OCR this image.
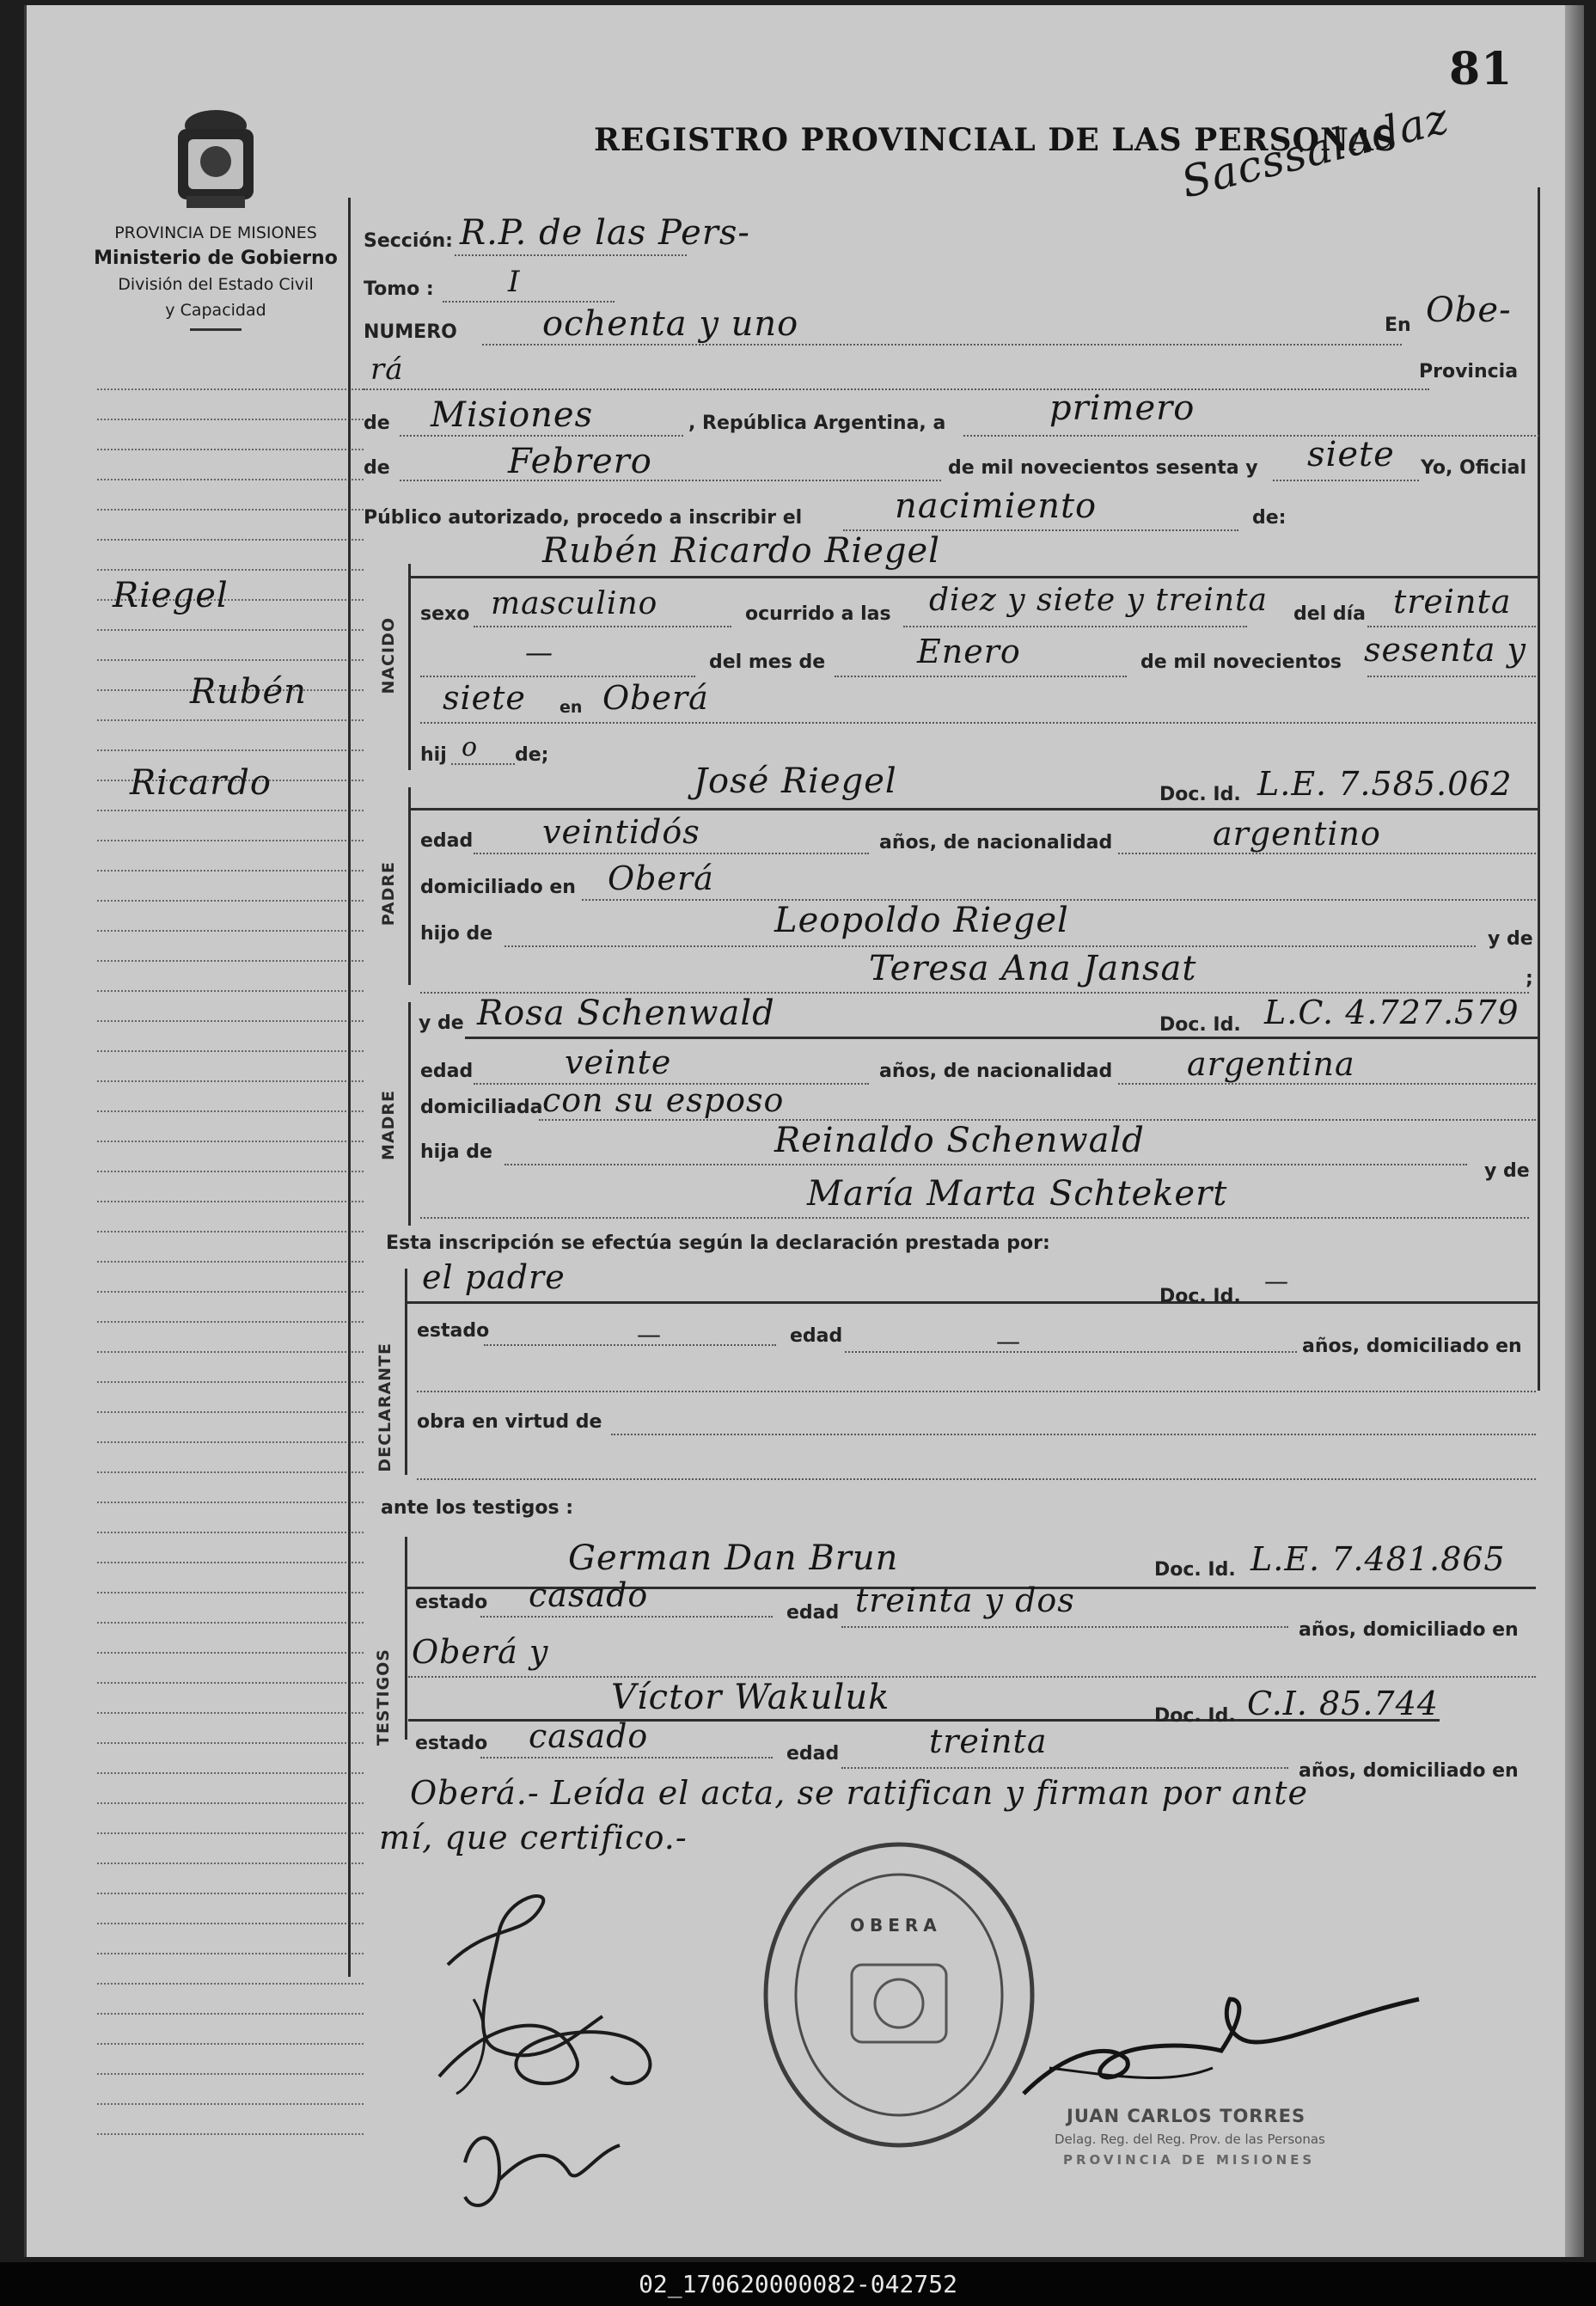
81
PROVINCIA DE MISIONES
Ministerio de Gobierno
División del Estado Civil
y Capacidad
REGISTRO PROVINCIAL DE LAS PERSONAS
Sacssaladaz
Riegel
Rubén
Ricardo
Sección: R.P. de las Pers-
Tomo :	I
NUMERO ochenta y uno	En Obe-
rá	Provincia
de Misiones	, República Argentina, a	primero
de	Febrero	de mil novecientos sesenta y siete Yo, Oficial
Público autorizado, procedo a inscribir el	nacimiento	de:
NACIDO
Rubén Ricardo Riegel
sexo masculino	ocurrido a las diez y siete y treinta del día treinta
—	del mes de	Enero	de mil novecientos sesenta y
siete en Oberá
hij o de;
PADRE
José Riegel	Doc. Id. L.E. 7.585.062
edad veintidós	años, de nacionalidad	argentino
domiciliado en Oberá
hijo de	Leopoldo Riegel	y de
Teresa Ana Jansat	;
MADRE
y de Rosa Schenwald	Doc. Id. L.C. 4.727.579
edad	veinte	años, de nacionalidad argentina
domiciliada con su esposo
hija de	Reinaldo Schenwald
y de
María Marta Schtekert
Esta inscripción se efectúa según la declaración prestada por:
DECLARANTE
el padre
Doc. Id.
—
estado	—	edad	—	años, domiciliado en
obra en virtud de
ante los testigos :
TESTIGOS
German Dan Brun	Doc. Id. L.E. 7.481.865
estado casado	edad treinta y dos
años, domiciliado en
Oberá y
Víctor Wakuluk	Doc. Id. C.I. 85.744
estado casado	edad	treinta
años, domiciliado en
Oberá.- Leída el acta, se ratifican y firman por ante
mí, que certifico.-
OBERA
JUAN CARLOS TORRES
Delag. Reg. del Reg. Prov. de las Personas
PROVINCIA DE MISIONES
02_170620000082-042752
